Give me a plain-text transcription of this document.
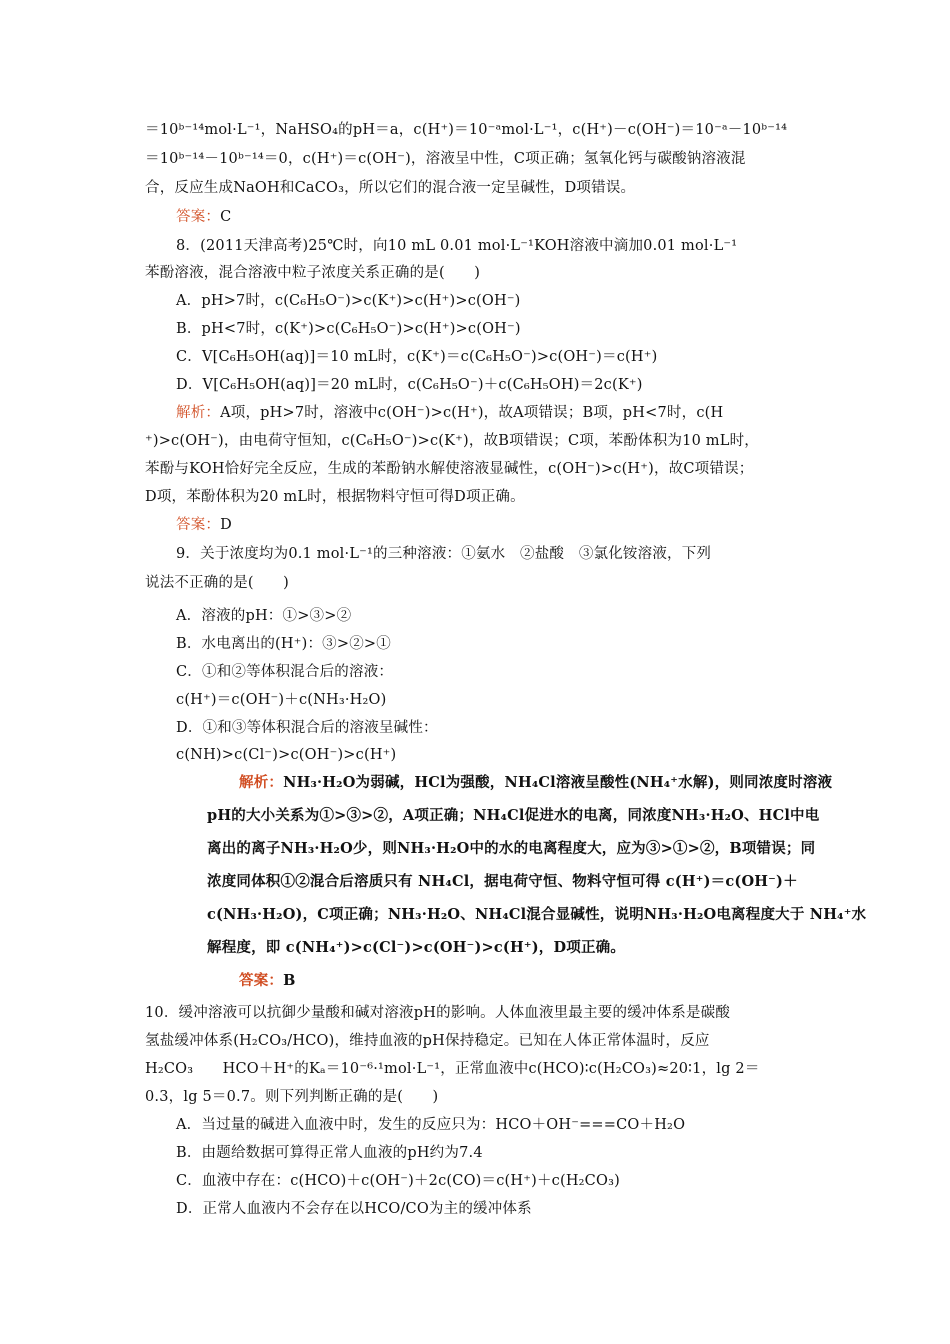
＝10ᵇ⁻¹⁴mol·L⁻¹，NaHSO₄的pH＝a，c(H⁺)＝10⁻ᵃmol·L⁻¹，c(H⁺)－c(OH⁻)＝10⁻ᵃ－10ᵇ⁻¹⁴
＝10ᵇ⁻¹⁴－10ᵇ⁻¹⁴＝0，c(H⁺)＝c(OH⁻)，溶液呈中性，C项正确；氢氧化钙与碳酸钠溶液混
合，反应生成NaOH和CaCO₃，所以它们的混合液一定呈碱性，D项错误。
答案：C
8．(2011天津高考)25℃时，向10 mL 0.01 mol·L⁻¹KOH溶液中滴加0.01 mol·L⁻¹
苯酚溶液，混合溶液中粒子浓度关系正确的是(　　)
A．pH>7时，c(C₆H₅O⁻)>c(K⁺)>c(H⁺)>c(OH⁻)
B．pH<7时，c(K⁺)>c(C₆H₅O⁻)>c(H⁺)>c(OH⁻)
C．V[C₆H₅OH(aq)]＝10 mL时，c(K⁺)＝c(C₆H₅O⁻)>c(OH⁻)＝c(H⁺)
D．V[C₆H₅OH(aq)]＝20 mL时，c(C₆H₅O⁻)＋c(C₆H₅OH)＝2c(K⁺)
解析：A项，pH>7时，溶液中c(OH⁻)>c(H⁺)，故A项错误；B项，pH<7时，c(H
⁺)>c(OH⁻)，由电荷守恒知，c(C₆H₅O⁻)>c(K⁺)，故B项错误；C项，苯酚体积为10 mL时，
苯酚与KOH恰好完全反应，生成的苯酚钠水解使溶液显碱性，c(OH⁻)>c(H⁺)，故C项错误；
D项，苯酚体积为20 mL时，根据物料守恒可得D项正确。
答案：D
9．关于浓度均为0.1 mol·L⁻¹的三种溶液：①氨水　②盐酸　③氯化铵溶液，下列
说法不正确的是(　　)
A．溶液的pH：①>③>②
B．水电离出的(H⁺)：③>②>①
C．①和②等体积混合后的溶液：
c(H⁺)＝c(OH⁻)＋c(NH₃·H₂O)
D．①和③等体积混合后的溶液呈碱性：
c(NH)>c(Cl⁻)>c(OH⁻)>c(H⁺)
解析：NH₃·H₂O为弱碱，HCl为强酸，NH₄Cl溶液呈酸性(NH₄⁺水解)，则同浓度时溶液
pH的大小关系为①>③>②，A项正确；NH₄Cl促进水的电离，同浓度NH₃·H₂O、HCl中电
离出的离子NH₃·H₂O少，则NH₃·H₂O中的水的电离程度大，应为③>①>②，B项错误；同
浓度同体积①②混合后溶质只有 NH₄Cl，据电荷守恒、物料守恒可得 c(H⁺)＝c(OH⁻)＋
c(NH₃·H₂O)，C项正确；NH₃·H₂O、NH₄Cl混合显碱性，说明NH₃·H₂O电离程度大于 NH₄⁺水
解程度，即 c(NH₄⁺)>c(Cl⁻)>c(OH⁻)>c(H⁺)，D项正确。
答案：B
10．缓冲溶液可以抗御少量酸和碱对溶液pH的影响。人体血液里最主要的缓冲体系是碳酸
氢盐缓冲体系(H₂CO₃/HCO)，维持血液的pH保持稳定。已知在人体正常体温时，反应
H₂CO₃　　HCO＋H⁺的Kₐ＝10⁻⁶·¹mol·L⁻¹，正常血液中c(HCO)∶c(H₂CO₃)≈20∶1，lg 2＝
0.3，lg 5＝0.7。则下列判断正确的是(　　)
A．当过量的碱进入血液中时，发生的反应只为：HCO＋OH⁻===CO＋H₂O
B．由题给数据可算得正常人血液的pH约为7.4
C．血液中存在：c(HCO)＋c(OH⁻)＋2c(CO)＝c(H⁺)＋c(H₂CO₃)
D．正常人血液内不会存在以HCO/CO为主的缓冲体系
